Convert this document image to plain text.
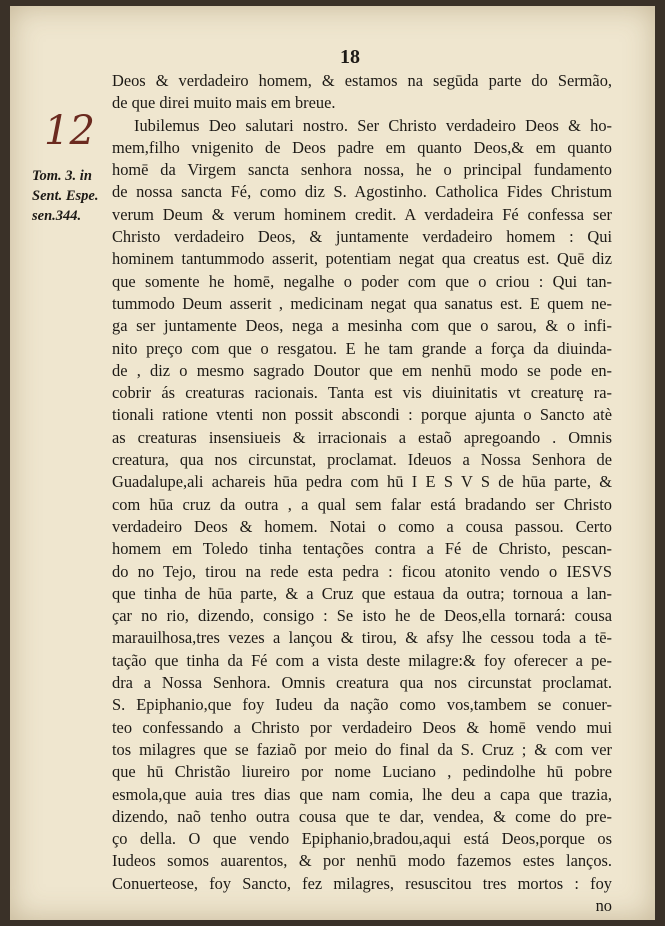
18
12
Tom. 3. in
Sent. Espe.
sen.344.
Deos & verdadeiro homem, & estamos na segūda parte do Sermão,
de que direi muito mais em breue.
Iubilemus Deo salutari nostro. Ser Christo verdadeiro Deos & ho-
mem,filho vnigenito de Deos padre em quanto Deos,& em quanto
homē da Virgem sancta senhora nossa, he o principal fundamento
de nossa sancta Fé, como diz S. Agostinho. Catholica Fides Christum
verum Deum & verum hominem credit. A verdadeira Fé confessa ser
Christo verdadeiro Deos, & juntamente verdadeiro homem : Qui
hominem tantummodo asserit, potentiam negat qua creatus est. Quē diz
que somente he homē, negalhe o poder com que o criou : Qui tan-
tummodo Deum asserit , medicinam negat qua sanatus est. E quem ne-
ga ser juntamente Deos, nega a mesinha com que o sarou, & o infi-
nito preço com que o resgatou. E he tam grande a força da diuinda-
de , diz o mesmo sagrado Doutor que em nenhū modo se pode en-
cobrir ás creaturas racionais. Tanta est vis diuinitatis vt creaturę ra-
tionali ratione vtenti non possit abscondi : porque ajunta o Sancto atè
as creaturas insensiueis & irracionais a estaõ apregoando . Omnis
creatura, qua nos circunstat, proclamat. Ideuos a Nossa Senhora de
Guadalupe,ali achareis hūa pedra com hū I E S V S de hūa parte, &
com hūa cruz da outra , a qual sem falar está bradando ser Christo
verdadeiro Deos & homem. Notai o como a cousa passou. Certo
homem em Toledo tinha tentações contra a Fé de Christo, pescan-
do no Tejo, tirou na rede esta pedra : ficou atonito vendo o IESVS
que tinha de hūa parte, & a Cruz que estaua da outra; tornoua a lan-
çar no rio, dizendo, consigo : Se isto he de Deos,ella tornará: cousa
marauilhosa,tres vezes a lançou & tirou, & afsy lhe cessou toda a tē-
tação que tinha da Fé com a vista deste milagre:& foy oferecer a pe-
dra a Nossa Senhora. Omnis creatura qua nos circunstat proclamat.
S. Epiphanio,que foy Iudeu da nação como vos,tambem se conuer-
teo confessando a Christo por verdadeiro Deos & homē vendo mui
tos milagres que se faziaõ por meio do final da S. Cruz ; & com ver
que hū Christão liureiro por nome Luciano , pedindolhe hū pobre
esmola,que auia tres dias que nam comia, lhe deu a capa que trazia,
dizendo, naõ tenho outra cousa que te dar, vendea, & come do pre-
ço della. O que vendo Epiphanio,bradou,aqui está Deos,porque os
Iudeos somos auarentos, & por nenhū modo fazemos estes lanços.
Conuerteose, foy Sancto, fez milagres, resuscitou tres mortos : foy
no
